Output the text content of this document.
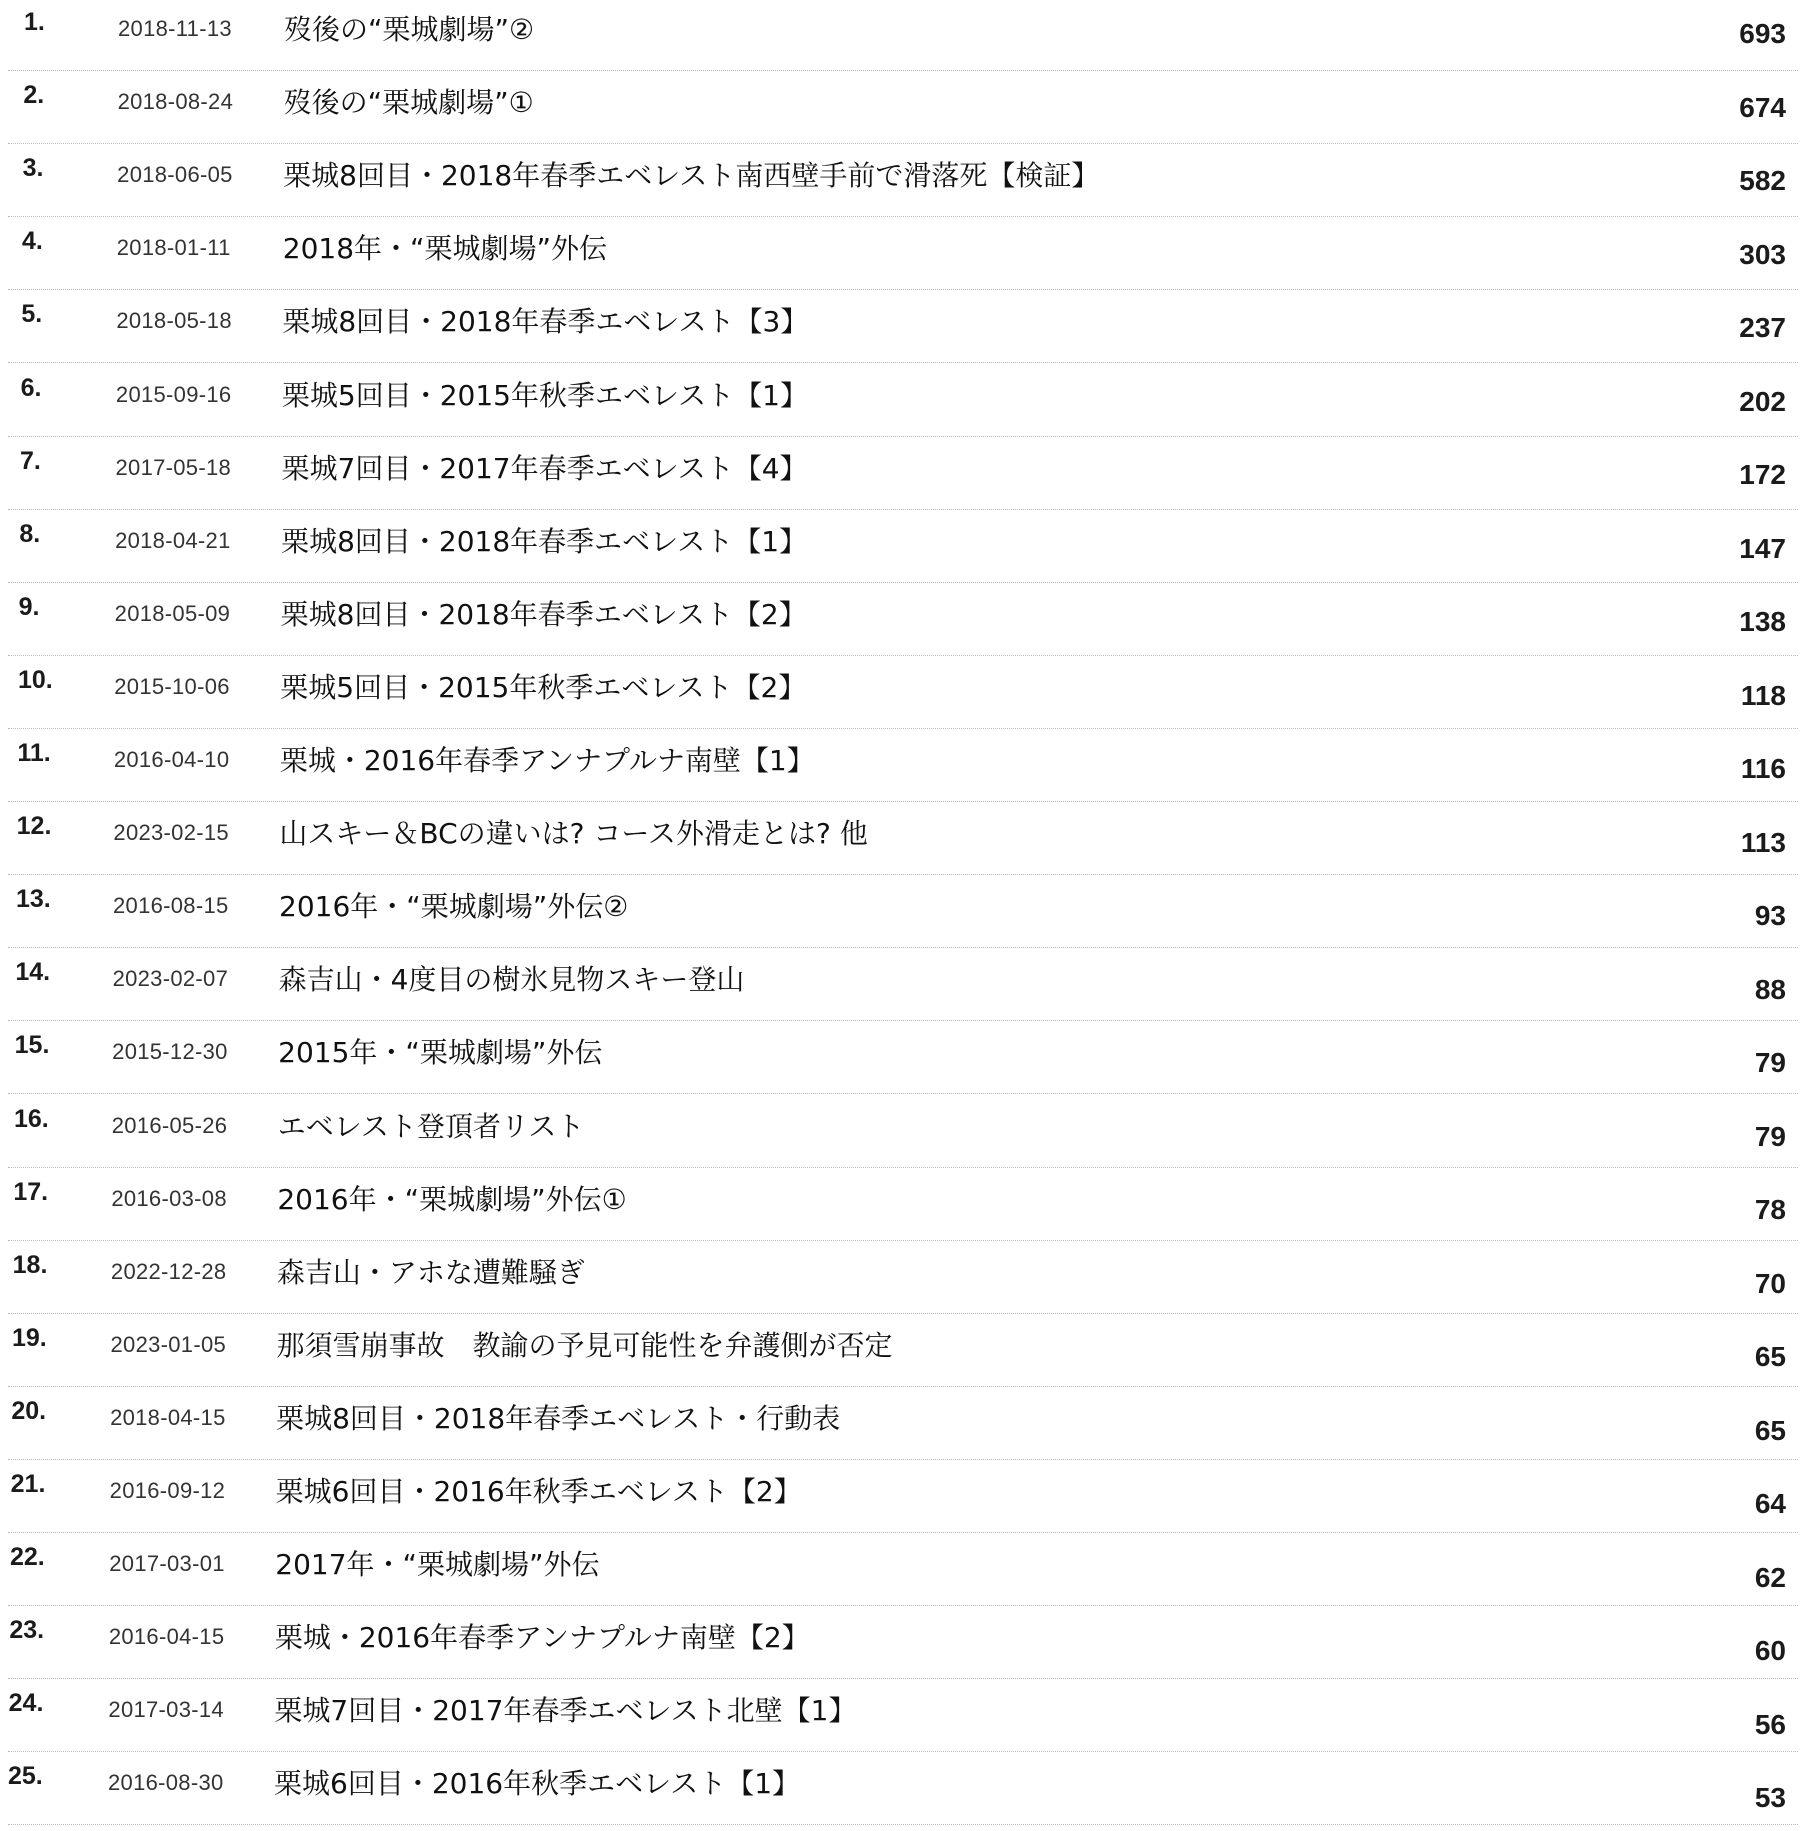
1.	2018-11-13 歿後の“栗城劇場”②	693
2.	2018-08-24 歿後の“栗城劇場”①	674
3.	2018-06-05 栗城8回目・2018年春季エベレスト南西壁手前で滑落死【検証】	582
4.	2018-01-11 2018年・“栗城劇場”外伝	303
5.	2018-05-18 栗城8回目・2018年春季エベレスト【3】	237
6.	2015-09-16 栗城5回目・2015年秋季エベレスト【1】	202
7.	2017-05-18 栗城7回目・2017年春季エベレスト【4】	172
8.	2018-04-21 栗城8回目・2018年春季エベレスト【1】	147
9.	2018-05-09 栗城8回目・2018年春季エベレスト【2】	138
10.	2015-10-06 栗城5回目・2015年秋季エベレスト【2】	118
11.	2016-04-10 栗城・2016年春季アンナプルナ南壁【1】	116
12.	2023-02-15 山スキー＆BCの違いは? コース外滑走とは? 他	113
13.	2016-08-15 2016年・“栗城劇場”外伝②	93
14.	2023-02-07 森吉山・4度目の樹氷見物スキー登山	88
15.	2015-12-30 2015年・“栗城劇場”外伝	79
16.	2016-05-26 エベレスト登頂者リスト	79
17.	2016-03-08 2016年・“栗城劇場”外伝①	78
18.	2022-12-28 森吉山・アホな遭難騒ぎ	70
19.	2023-01-05 那須雪崩事故　教諭の予見可能性を弁護側が否定	65
20.	2018-04-15 栗城8回目・2018年春季エベレスト・行動表	65
21.	2016-09-12 栗城6回目・2016年秋季エベレスト【2】	64
22.	2017-03-01 2017年・“栗城劇場”外伝	62
23.	2016-04-15 栗城・2016年春季アンナプルナ南壁【2】	60
24.	2017-03-14 栗城7回目・2017年春季エベレスト北壁【1】	56
25.	2016-08-30 栗城6回目・2016年秋季エベレスト【1】	53
